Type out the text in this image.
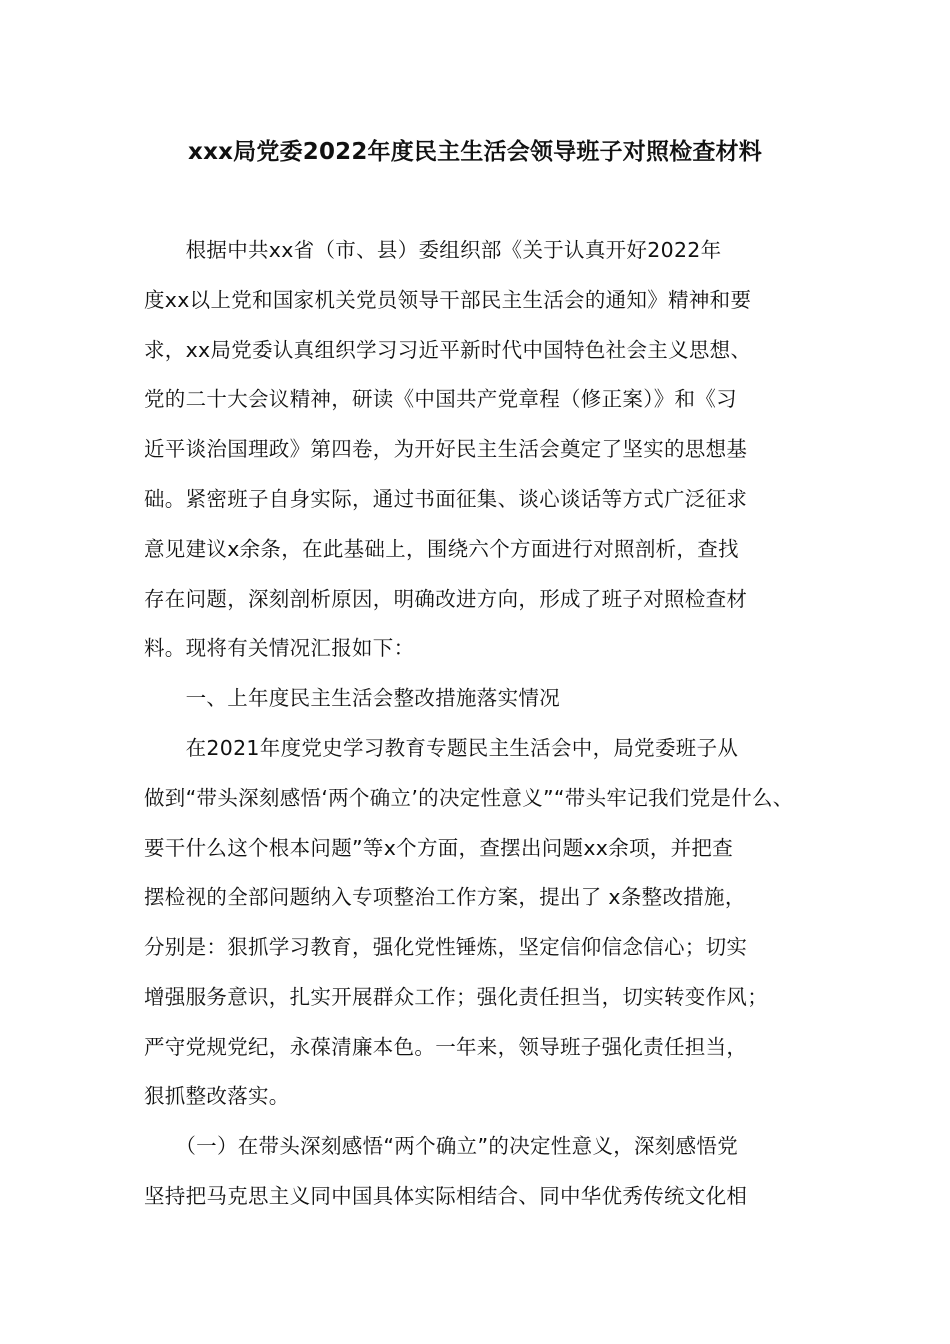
xxx局党委2022年度民主生活会领导班子对照检查材料
　　根据中共xx省（市、县）委组织部《关于认真开好2022年
度xx以上党和国家机关党员领导干部民主生活会的通知》精神和要
求，xx局党委认真组织学习习近平新时代中国特色社会主义思想、
党的二十大会议精神，研读《中国共产党章程（修正案）》和《习
近平谈治国理政》第四卷，为开好民主生活会奠定了坚实的思想基
础。紧密班子自身实际，通过书面征集、谈心谈话等方式广泛征求
意见建议x余条，在此基础上，围绕六个方面进行对照剖析，查找
存在问题，深刻剖析原因，明确改进方向，形成了班子对照检查材
料。现将有关情况汇报如下：
　　一、上年度民主生活会整改措施落实情况
　　在2021年度党史学习教育专题民主生活会中，局党委班子从
做到“带头深刻感悟‘两个确立’的决定性意义”“带头牢记我们党是什么、
要干什么这个根本问题”等x个方面，查摆出问题xx余项，并把查
摆检视的全部问题纳入专项整治工作方案，提出了 x条整改措施，
分别是：狠抓学习教育，强化党性锤炼，坚定信仰信念信心；切实
增强服务意识，扎实开展群众工作；强化责任担当，切实转变作风；
严守党规党纪，永葆清廉本色。一年来，领导班子强化责任担当，
狠抓整改落实。
　　（一）在带头深刻感悟“两个确立”的决定性意义，深刻感悟党
坚持把马克思主义同中国具体实际相结合、同中华优秀传统文化相
